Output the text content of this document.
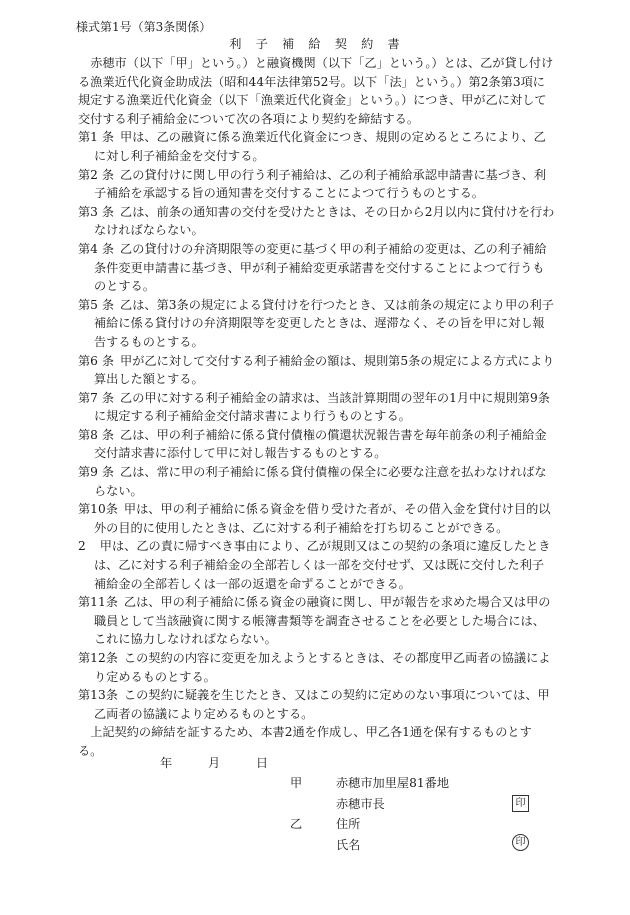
様式第1号（第3条関係）
利　子　補　給　契　約　書

赤穂市（以下「甲」という。）と融資機関（以下「乙」という。）とは、乙が貸し付ける漁業近代化資金助成法（昭和44年法律第52号。以下「法」という。）第2条第3項に規定する漁業近代化資金（以下「漁業近代化資金」という。）につき、甲が乙に対して交付する利子補給金について次の各項により契約を締結する。

第1 条 甲は、乙の融資に係る漁業近代化資金につき、規則の定めるところにより、乙に対し利子補給金を交付する。

第2 条 乙の貸付けに関し甲の行う利子補給は、乙の利子補給承認申請書に基づき、利子補給を承認する旨の通知書を交付することによつて行うものとする。

第3 条 乙は、前条の通知書の交付を受けたときは、その日から2月以内に貸付けを行わなければならない。

第4 条 乙の貸付けの弁済期限等の変更に基づく甲の利子補給の変更は、乙の利子補給条件変更申請書に基づき、甲が利子補給変更承諾書を交付することによつて行うものとする。

第5 条 乙は、第3条の規定による貸付けを行つたとき、又は前条の規定により甲の利子補給に係る貸付けの弁済期限等を変更したときは、遅滞なく、その旨を甲に対し報告するものとする。

第6 条 甲が乙に対して交付する利子補給金の額は、規則第5条の規定による方式により算出した額とする。

第7 条 乙の甲に対する利子補給金の請求は、当該計算期間の翌年の1月中に規則第9条に規定する利子補給金交付請求書により行うものとする。

第8 条 乙は、甲の利子補給に係る貸付債権の償還状況報告書を毎年前条の利子補給金交付請求書に添付して甲に対し報告するものとする。

第9 条 乙は、常に甲の利子補給に係る貸付債権の保全に必要な注意を払わなければならない。

第10条 甲は、甲の利子補給に係る資金を借り受けた者が、その借入金を貸付け目的以外の目的に使用したときは、乙に対する利子補給を打ち切ることができる。

2 甲は、乙の責に帰すべき事由により、乙が規則又はこの契約の条項に違反したときは、乙に対する利子補給金の全部若しくは一部を交付せず、又は既に交付した利子補給金の全部若しくは一部の返還を命ずることができる。

第11条 乙は、甲の利子補給に係る資金の融資に関し、甲が報告を求めた場合又は甲の職員として当該融資に関する帳簿書類等を調査させることを必要とした場合には、これに協力しなければならない。

第12条 この契約の内容に変更を加えようとするときは、その都度甲乙両者の協議により定めるものとする。

第13条 この契約に疑義を生じたとき、又はこの契約に定めのない事項については、甲乙両者の協議により定めるものとする。

上記契約の締結を証するため、本書2通を作成し、甲乙各1通を保有するものとする。

年	月	日
甲	赤穂市加里屋81番地
赤穂市長	印
乙	住所
氏名	印
